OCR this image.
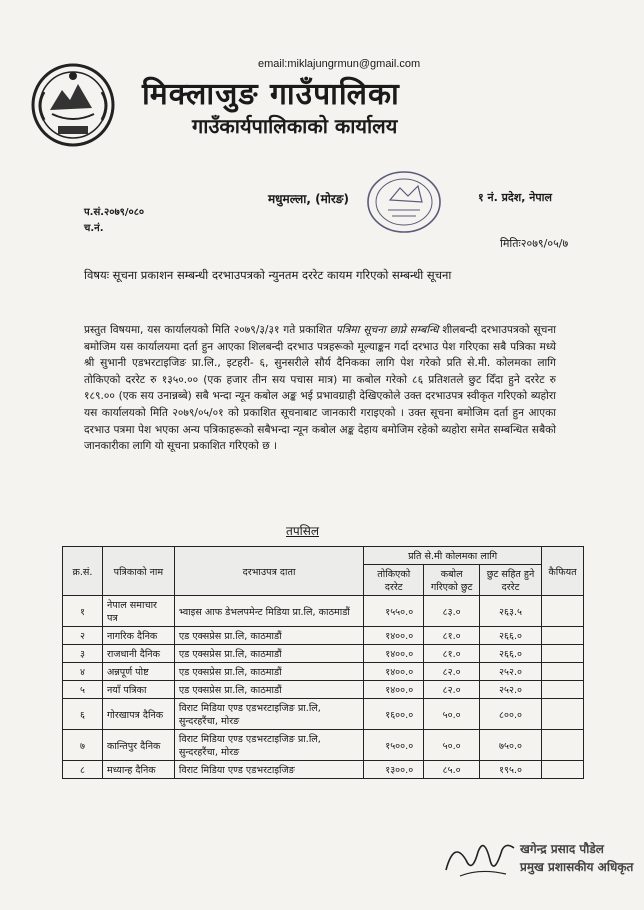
email:miklajungrmun@gmail.com
मिक्लाजुङ गाउँपालिका
गाउँकार्यपालिकाको कार्यालय
मधुमल्ला, (मोरङ)	१ नं. प्रदेश, नेपाल
प.सं.२०७९/०८०
च.नं.
मितिः२०७९/०५/७
विषयः सूचना प्रकाशन सम्बन्धी दरभाउपत्रको न्युनतम दररेट कायम गरिएको सम्बन्धी सूचना
प्रस्तुत विषयमा, यस कार्यालयको मिति २०७९/३/३१ गते प्रकाशित पत्रिमा सूचना छाप्ने सम्बन्धि शीलबन्दी दरभाउपत्रको सूचना बमोजिम यस कार्यालयमा दर्ता हुन आएका शिलबन्दी दरभाउ पत्रहरूको मूल्याङ्कन गर्दा दरभाउ पेश गरिएका सबै पत्रिका मध्ये श्री सुभानी एडभरटाइजिङ प्रा.लि., इटहरी- ६, सुनसरीले सौर्य दैनिकका लागि पेश गरेको प्रति से.मी. कोलमका लागि तोकिएको दररेट रु १३५०.०० (एक हजार तीन सय पचास मात्र) मा कबोल गरेको ८६ प्रतिशतले छुट दिँदा हुने दररेट रु १८९.०० (एक सय उनान्नब्बे) सबै भन्दा न्यून कबोल अङ्क भई प्रभावग्राही देखिएकोले उक्त दरभाउपत्र स्वीकृत गरिएको ब्यहोरा यस कार्यालयको मिति २०७९/०५/०१ को प्रकाशित सूचनाबाट जानकारी गराइएको । उक्त सूचना बमोजिम दर्ता हुन आएका दरभाउ पत्रमा पेश भएका अन्य पत्रिकाहरूको सबैभन्दा न्यून कबोल अङ्क देहाय बमोजिम रहेको ब्यहोरा समेत सम्बन्धित सबैको जानकारीका लागि यो सूचना प्रकाशित गरिएको छ ।
तपसिल
क्र.सं.	पत्रिकाको नाम	दरभाउपत्र दाता	प्रति से.मी कोलमका लागि			कैफियत
			तोकिएको दररेट	कबोल गरिएको छुट	छुट सहित हुने दररेट	
१	नेपाल समाचार पत्र	भ्वाइस आफ डेभलपमेन्ट मिडिया प्रा.लि, काठमाडौं	१५५०.०	८३.०	२६३.५	
२	नागरिक दैनिक	एड एक्सप्रेस प्रा.लि, काठमाडौं	१४००.०	८१.०	२६६.०	
३	राजधानी दैनिक	एड एक्सप्रेस प्रा.लि, काठमाडौं	१४००.०	८१.०	२६६.०	
४	अन्नपूर्ण पोष्ट	एड एक्सप्रेस प्रा.लि, काठमाडौं	१४००.०	८२.०	२५२.०	
५	नयाँ पत्रिका	एड एक्सप्रेस प्रा.लि, काठमाडौं	१४००.०	८२.०	२५२.०	
६	गोरखापत्र दैनिक	विराट मिडिया एण्ड एडभरटाइजिङ प्रा.लि, सुन्दरहरैंचा, मोरङ	१६००.०	५०.०	८००.०	
७	कान्तिपुर दैनिक	विराट मिडिया एण्ड एडभरटाइजिङ प्रा.लि, सुन्दरहरैंचा, मोरङ	१५००.०	५०.०	७५०.०	
८	मध्यान्ह दैनिक	विराट मिडिया एण्ड एडभरटाइजिङ	१३००.०	८५.०	१९५.०	
खगेन्द्र प्रसाद पौडेल
प्रमुख प्रशासकीय अधिकृत
